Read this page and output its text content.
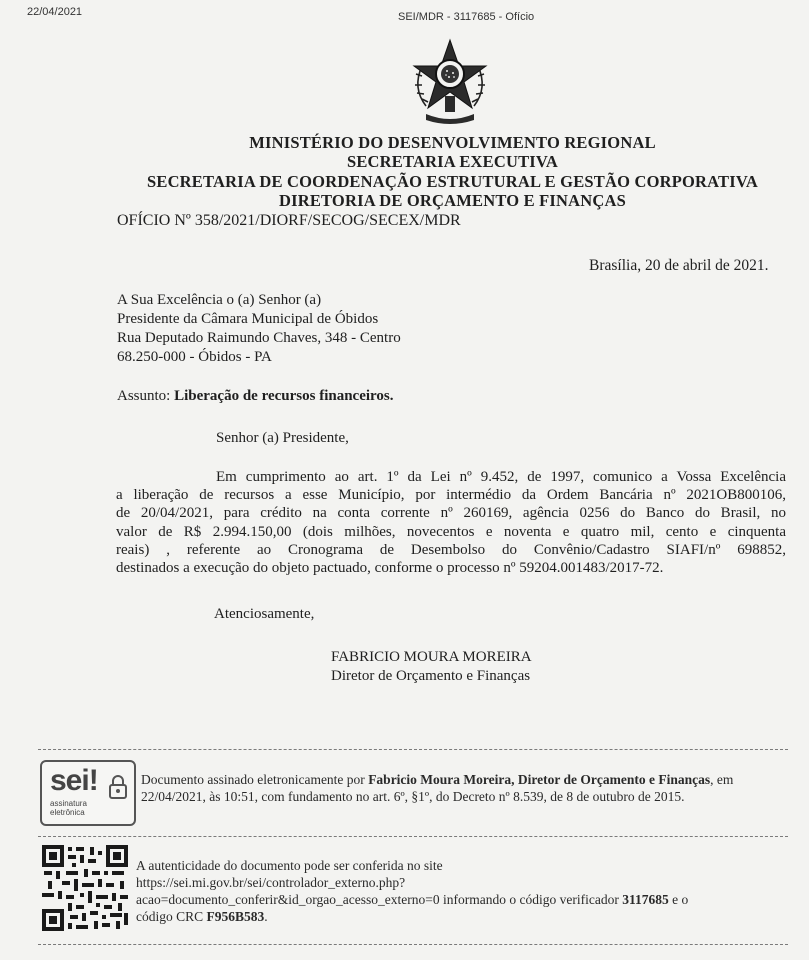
22/04/2021	SEI/MDR - 3117685 - Ofício
MINISTÉRIO DO DESENVOLVIMENTO REGIONAL
SECRETARIA EXECUTIVA
SECRETARIA DE COORDENAÇÃO ESTRUTURAL E GESTÃO CORPORATIVA
DIRETORIA DE ORÇAMENTO E FINANÇAS
OFÍCIO Nº 358/2021/DIORF/SECOG/SECEX/MDR
Brasília, 20 de abril de 2021.
A Sua Excelência o (a) Senhor (a)
Presidente da Câmara Municipal de Óbidos
Rua Deputado Raimundo Chaves, 348 - Centro
68.250-000 - Óbidos - PA
Assunto: Liberação de recursos financeiros.
Senhor (a) Presidente,
Em cumprimento ao art. 1º da Lei nº 9.452, de 1997, comunico a Vossa Excelência
a liberação de recursos a esse Município, por intermédio da Ordem Bancária nº 2021OB800106,
de 20/04/2021, para crédito na conta corrente nº 260169, agência 0256 do Banco do Brasil, no
valor de R$ 2.994.150,00 (dois milhões, novecentos e noventa e quatro mil, cento e cinquenta
reais) , referente ao Cronograma de Desembolso do Convênio/Cadastro SIAFI/nº 698852,
destinados a execução do objeto pactuado, conforme o processo nº 59204.001483/2017-72.
Atenciosamente,
FABRICIO MOURA MOREIRA
Diretor de Orçamento e Finanças
sei!
assinatura
eletrônica
Documento assinado eletronicamente por Fabricio Moura Moreira, Diretor de Orçamento e Finanças, em 22/04/2021, às 10:51, com fundamento no art. 6º, §1º, do Decreto nº 8.539, de 8 de outubro de 2015.
A autenticidade do documento pode ser conferida no site
https://sei.mi.gov.br/sei/controlador_externo.php?
acao=documento_conferir&id_orgao_acesso_externo=0 informando o código verificador 3117685 e o
código CRC F956B583.
